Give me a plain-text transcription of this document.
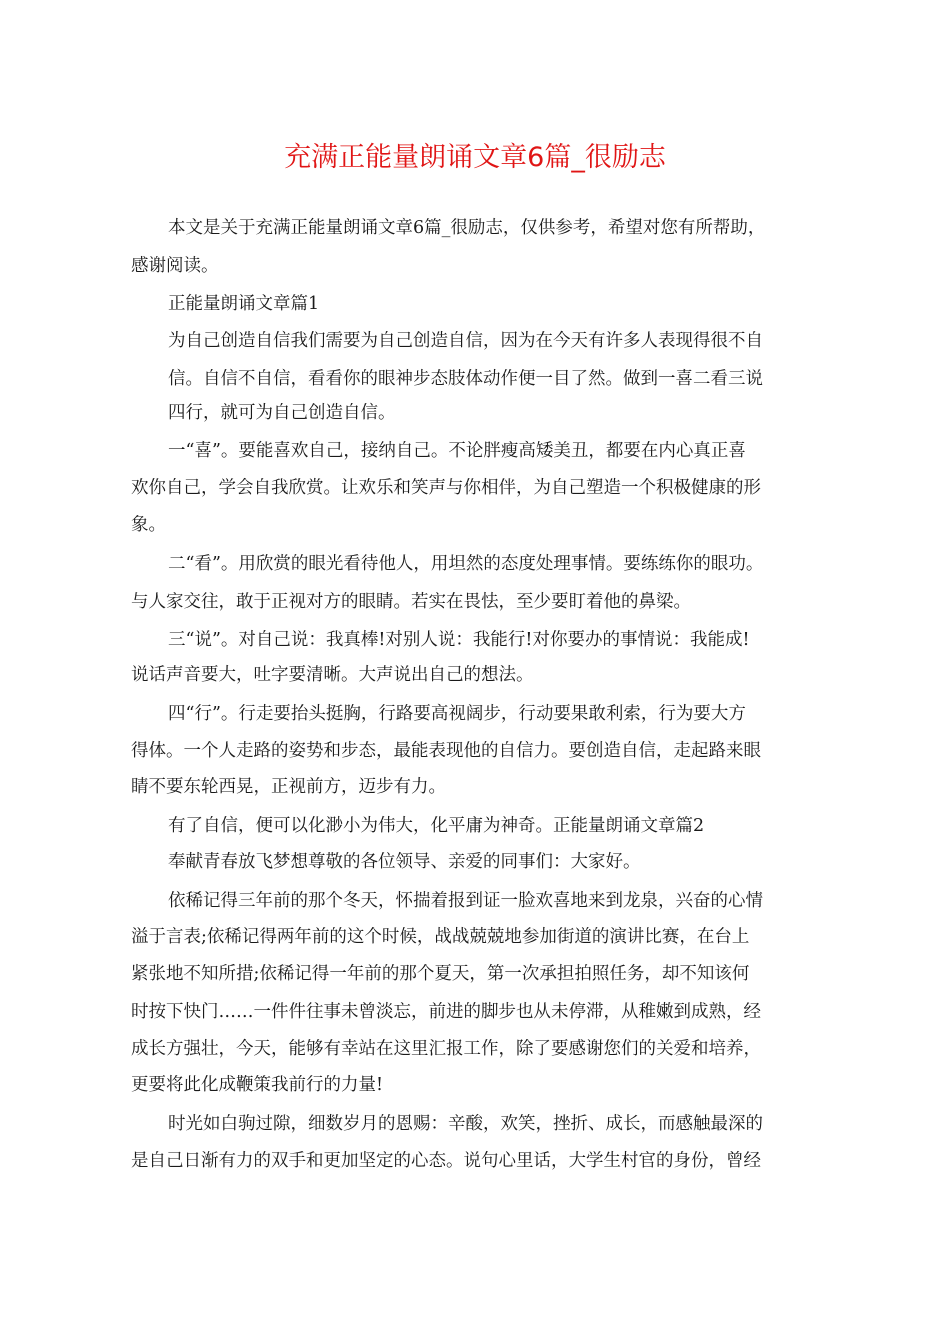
充满正能量朗诵文章6篇_很励志
本文是关于充满正能量朗诵文章6篇_很励志，仅供参考，希望对您有所帮助，
感谢阅读。
正能量朗诵文章篇1
为自己创造自信我们需要为自己创造自信，因为在今天有许多人表现得很不自
信。自信不自信，看看你的眼神步态肢体动作便一目了然。做到一喜二看三说
四行，就可为自己创造自信。
一“喜”。要能喜欢自己，接纳自己。不论胖瘦高矮美丑，都要在内心真正喜
欢你自己，学会自我欣赏。让欢乐和笑声与你相伴，为自己塑造一个积极健康的形
象。
二“看”。用欣赏的眼光看待他人，用坦然的态度处理事情。要练练你的眼功。
与人家交往，敢于正视对方的眼睛。若实在畏怯，至少要盯着他的鼻梁。
三“说”。对自己说：我真棒!对别人说：我能行!对你要办的事情说：我能成!
说话声音要大，吐字要清晰。大声说出自己的想法。
四“行”。行走要抬头挺胸，行路要高视阔步，行动要果敢利索，行为要大方
得体。一个人走路的姿势和步态，最能表现他的自信力。要创造自信，走起路来眼
睛不要东轮西晃，正视前方，迈步有力。
有了自信，便可以化渺小为伟大，化平庸为神奇。正能量朗诵文章篇2
奉献青春放飞梦想尊敬的各位领导、亲爱的同事们：大家好。
依稀记得三年前的那个冬天，怀揣着报到证一脸欢喜地来到龙泉，兴奋的心情
溢于言表;依稀记得两年前的这个时候，战战兢兢地参加街道的演讲比赛，在台上
紧张地不知所措;依稀记得一年前的那个夏天，第一次承担拍照任务，却不知该何
时按下快门……一件件往事未曾淡忘，前进的脚步也从未停滞，从稚嫩到成熟，经
成长方强壮，今天，能够有幸站在这里汇报工作，除了要感谢您们的关爱和培养，
更要将此化成鞭策我前行的力量!
时光如白驹过隙，细数岁月的恩赐：辛酸，欢笑，挫折、成长，而感触最深的
是自己日渐有力的双手和更加坚定的心态。说句心里话，大学生村官的身份，曾经
